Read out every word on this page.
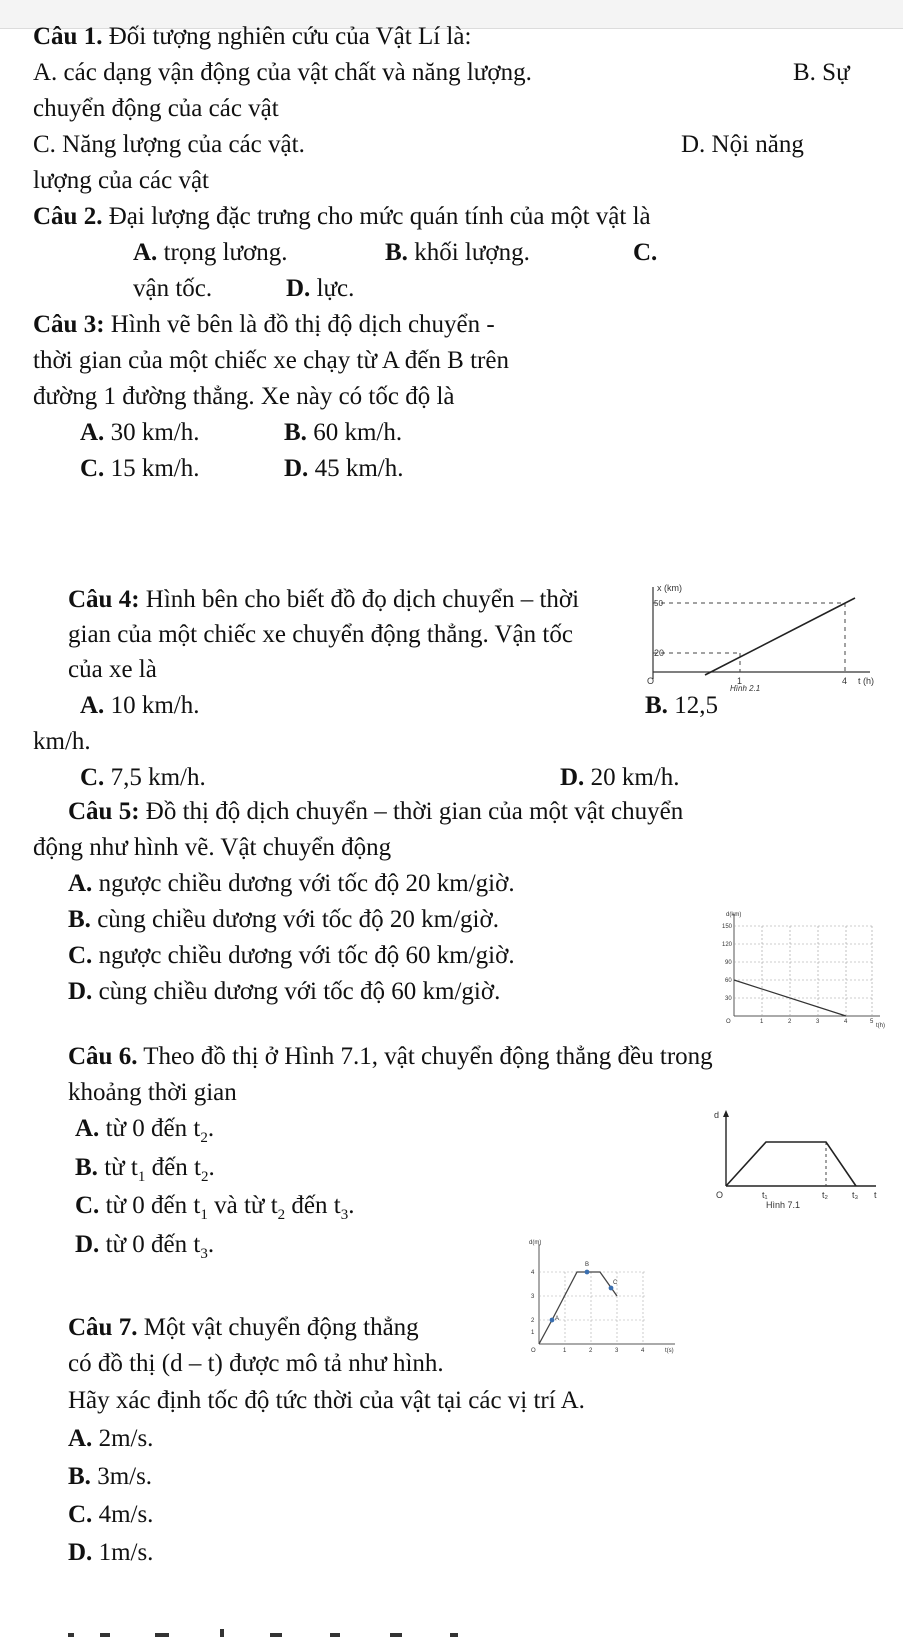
Câu 1. Đối tượng nghiên cứu của Vật Lí là:
A. các dạng vận động của vật chất và năng lượng.	B. Sự
chuyển động của các vật
C. Năng lượng của các vật.	D. Nội năng
lượng của các vật
Câu 2. Đại lượng đặc trưng cho mức quán tính của một vật là
A. trọng lương.	B. khối lượng.	C.
vận tốc.	D. lực.
Câu 3: Hình vẽ bên là đồ thị độ dịch chuyển -
thời gian của một chiếc xe chạy từ A đến B trên
đường 1 đường thẳng. Xe này có tốc độ là
A. 30 km/h.	B. 60 km/h.
C. 15 km/h.	D. 45 km/h.
Câu 4: Hình bên cho biết đồ đọ dịch chuyển – thời
gian của một chiếc xe chuyển động thẳng. Vận tốc
của xe là
A. 10 km/h.	B. 12,5
km/h.
C. 7,5 km/h.	D. 20 km/h.
x (km)
50
20
O	1	4 t (h)
Hình 2.1
Câu 5: Đồ thị độ dịch chuyển – thời gian của một vật chuyển
động như hình vẽ. Vật chuyển động
A. ngược chiều dương với tốc độ 20 km/giờ.
B. cùng chiều dương với tốc độ 20 km/giờ.
C. ngược chiều dương với tốc độ 60 km/giờ.
D. cùng chiều dương với tốc độ 60 km/giờ.
d(km)
150
120
90
60
30
O	1	2	3	4	5
t(h)
Câu 6. Theo đồ thị ở Hình 7.1, vật chuyển động thẳng đều trong
khoảng thời gian
A. từ 0 đến $t_2$.
B. từ $t_1$ đến $t_2$.
C. từ 0 đến $t_1$ và từ $t_2$ đến $t_3$.
D. từ 0 đến $t_3$.
d
O	t₁	t₂	t₃ t
Hình 7.1
d(m)
4
3
2
1
O	1	2	3	4	t(s)
A
B
C
Câu 7. Một vật chuyển động thẳng
có đồ thị (d – t) được mô tả như hình.
Hãy xác định tốc độ tức thời của vật tại các vị trí A.
A. 2m/s.
B. 3m/s.
C. 4m/s.
D. 1m/s.
